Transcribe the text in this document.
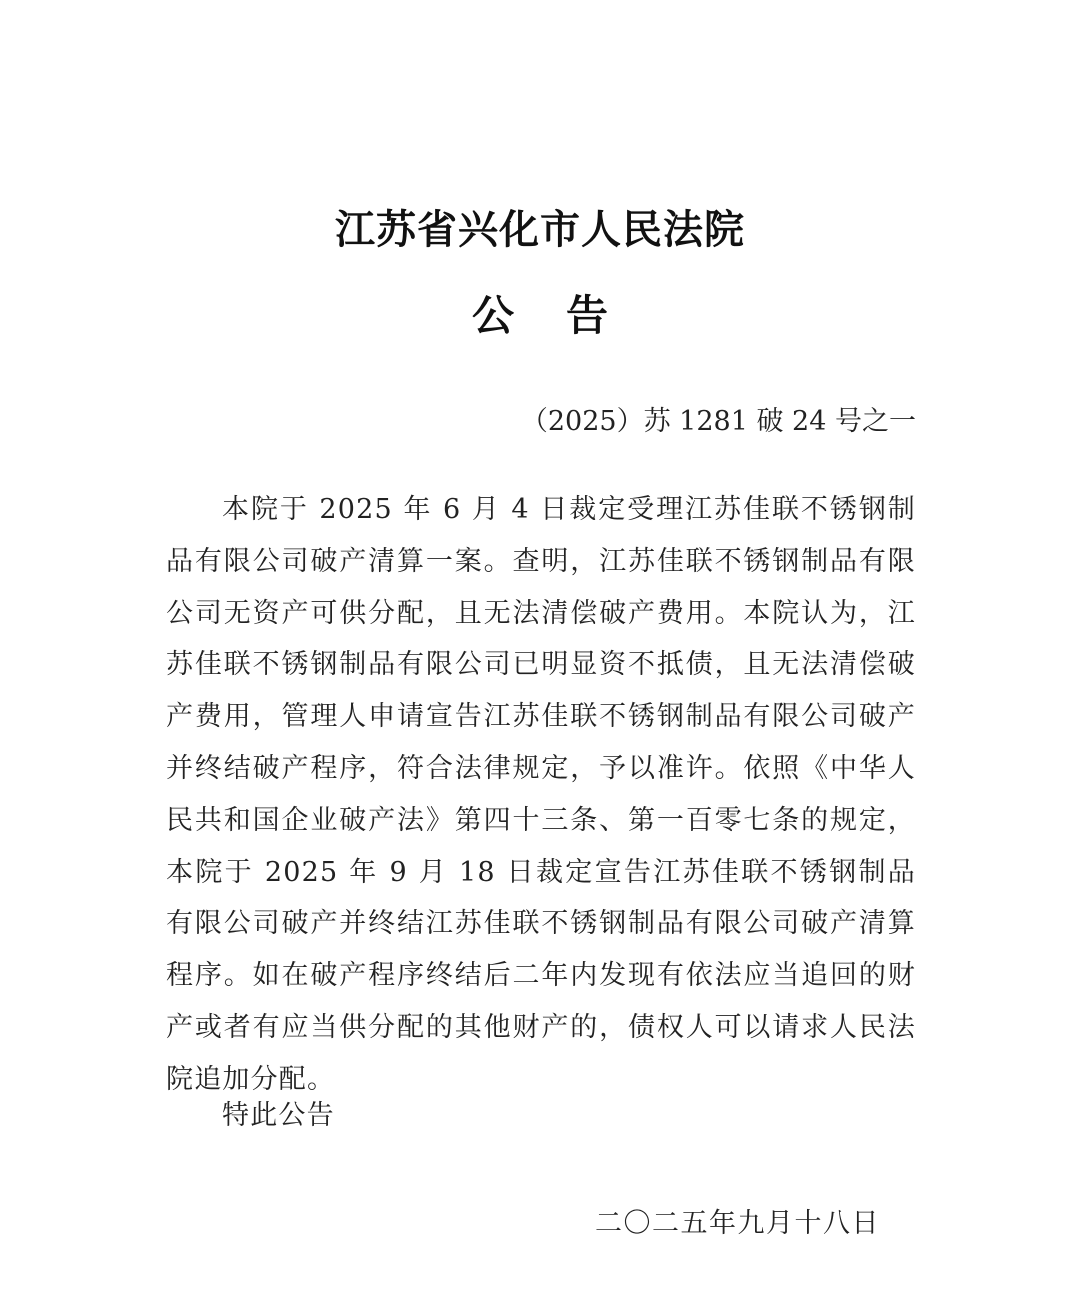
江苏省兴化市人民法院
公告
（2025）苏 1281 破 24 号之一
本院于 2025 年 6 月 4 日裁定受理江苏佳联不锈钢制品有限公司破产清算一案。查明，江苏佳联不锈钢制品有限公司无资产可供分配，且无法清偿破产费用。本院认为，江苏佳联不锈钢制品有限公司已明显资不抵债，且无法清偿破产费用，管理人申请宣告江苏佳联不锈钢制品有限公司破产并终结破产程序，符合法律规定，予以准许。依照《中华人民共和国企业破产法》第四十三条、第一百零七条的规定，本院于 2025 年 9 月 18 日裁定宣告江苏佳联不锈钢制品有限公司破产并终结江苏佳联不锈钢制品有限公司破产清算程序。如在破产程序终结后二年内发现有依法应当追回的财产或者有应当供分配的其他财产的，债权人可以请求人民法院追加分配。
特此公告
二〇二五年九月十八日
